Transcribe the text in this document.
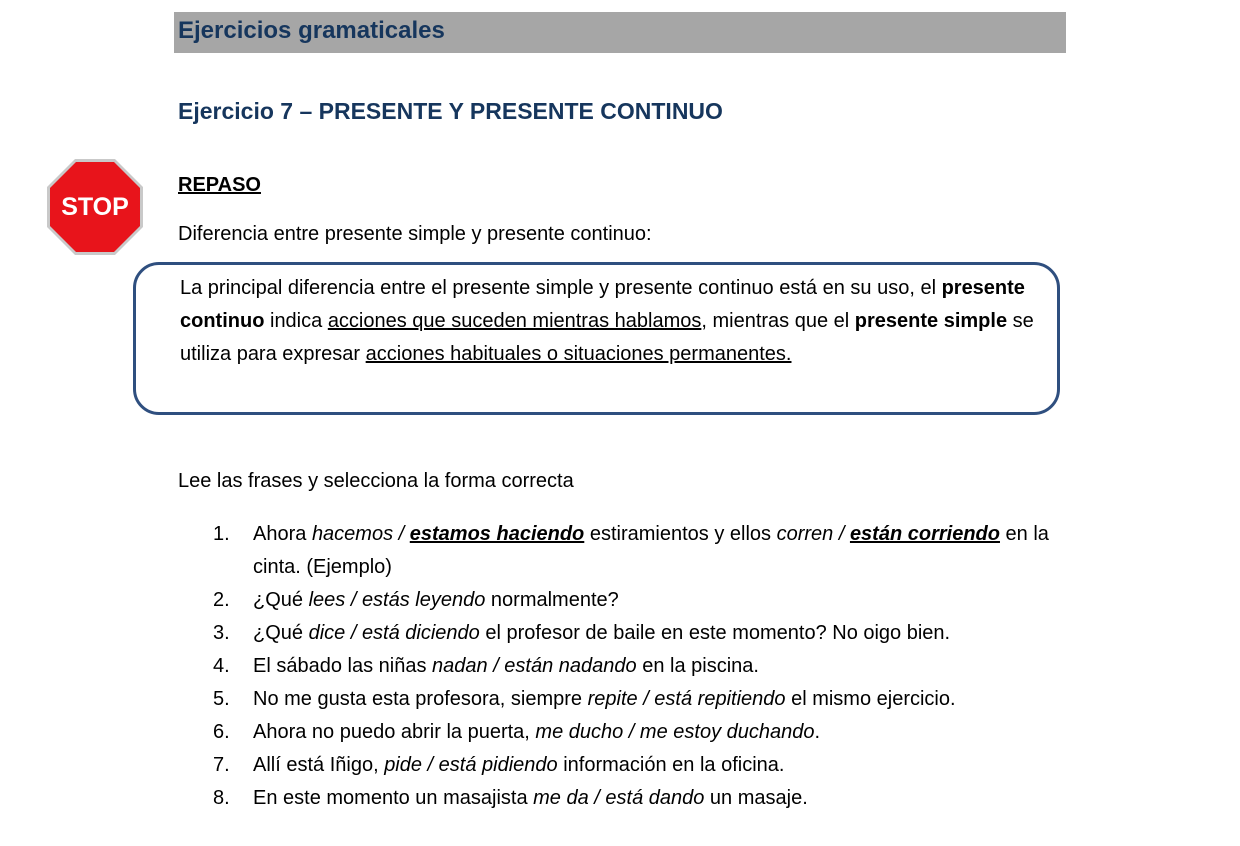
Ejercicios gramaticales
Ejercicio 7 – PRESENTE Y PRESENTE CONTINUO
STOP
REPASO
Diferencia entre presente simple y presente continuo:
La principal diferencia entre el presente simple y presente continuo está en su uso, el presente continuo indica acciones que suceden mientras hablamos, mientras que el presente simple se utiliza para expresar acciones habituales o situaciones permanentes.
Lee las frases y selecciona la forma correcta
1. Ahora hacemos / estamos haciendo estiramientos y ellos corren / están corriendo en la cinta. (Ejemplo)
2. ¿Qué lees / estás leyendo normalmente?
3. ¿Qué dice / está diciendo el profesor de baile en este momento? No oigo bien.
4. El sábado las niñas nadan / están nadando en la piscina.
5. No me gusta esta profesora, siempre repite / está repitiendo el mismo ejercicio.
6. Ahora no puedo abrir la puerta, me ducho / me estoy duchando.
7. Allí está Iñigo, pide / está pidiendo información en la oficina.
8. En este momento un masajista me da / está dando un masaje.
